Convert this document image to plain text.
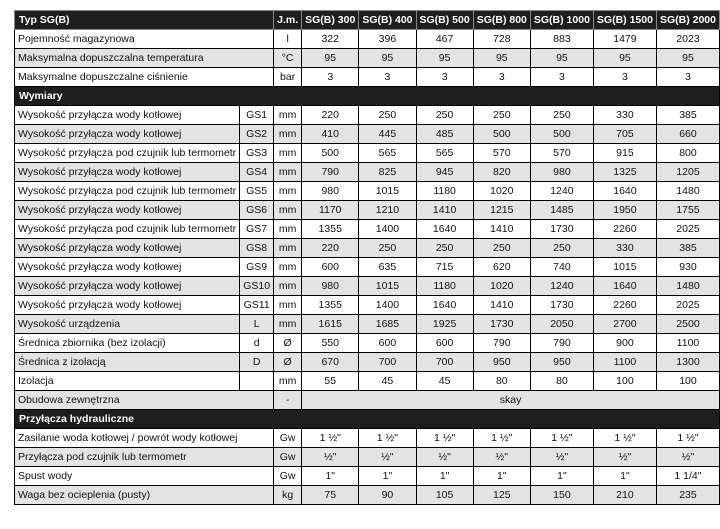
Typ SG(B)		J.m.	SG(B) 300	SG(B) 400	SG(B) 500	SG(B) 800	SG(B) 1000	SG(B) 1500	SG(B) 2000
Pojemność magazynowa		l	322	396	467	728	883	1479	2023
Maksymalna dopuszczalna temperatura		°C	95	95	95	95	95	95	95
Maksymalne dopuszczalne ciśnienie		bar	3	3	3	3	3	3	3
Wymiary									
Wysokość przyłącza wody kotłowej	GS1	mm	220	250	250	250	250	330	385
Wysokość przyłącza wody kotłowej	GS2	mm	410	445	485	500	500	705	660
Wysokość przyłącza pod czujnik lub termometr	GS3	mm	500	565	565	570	570	915	800
Wysokość przyłącza wody kotłowej	GS4	mm	790	825	945	820	980	1325	1205
Wysokość przyłącza pod czujnik lub termometr	GS5	mm	980	1015	1180	1020	1240	1640	1480
Wysokość przyłącza wody kotłowej	GS6	mm	1170	1210	1410	1215	1485	1950	1755
Wysokość przyłącza pod czujnik lub termometr	GS7	mm	1355	1400	1640	1410	1730	2260	2025
Wysokość przyłącza wody kotłowej	GS8	mm	220	250	250	250	250	330	385
Wysokość przyłącza wody kotłowej	GS9	mm	600	635	715	620	740	1015	930
Wysokość przyłącza wody kotłowej	GS10	mm	980	1015	1180	1020	1240	1640	1480
Wysokość przyłącza wody kotłowej	GS11	mm	1355	1400	1640	1410	1730	2260	2025
Wysokość urządzenia	L	mm	1615	1685	1925	1730	2050	2700	2500
Średnica zbiornika (bez izolacji)	d	Ø	550	600	600	790	790	900	1100
Średnica z izolacją	D	Ø	670	700	700	950	950	1100	1300
Izolacja		mm	55	45	45	80	80	100	100
Obudowa zewnętrzna		-	skay						
Przyłącza hydrauliczne									
Zasilanie woda kotłowej / powrót wody kotłowej		Gw	1 ½"	1 ½"	1 ½"	1 ½"	1 ½"	1 ½"	1 ½"
Przyłącza pod czujnik lub termometr		Gw	½"	½"	½"	½"	½"	½"	½"
Spust wody		Gw	1"	1"	1"	1"	1"	1"	1 1/4"
Waga bez ocieplenia (pusty)		kg	75	90	105	125	150	210	235
